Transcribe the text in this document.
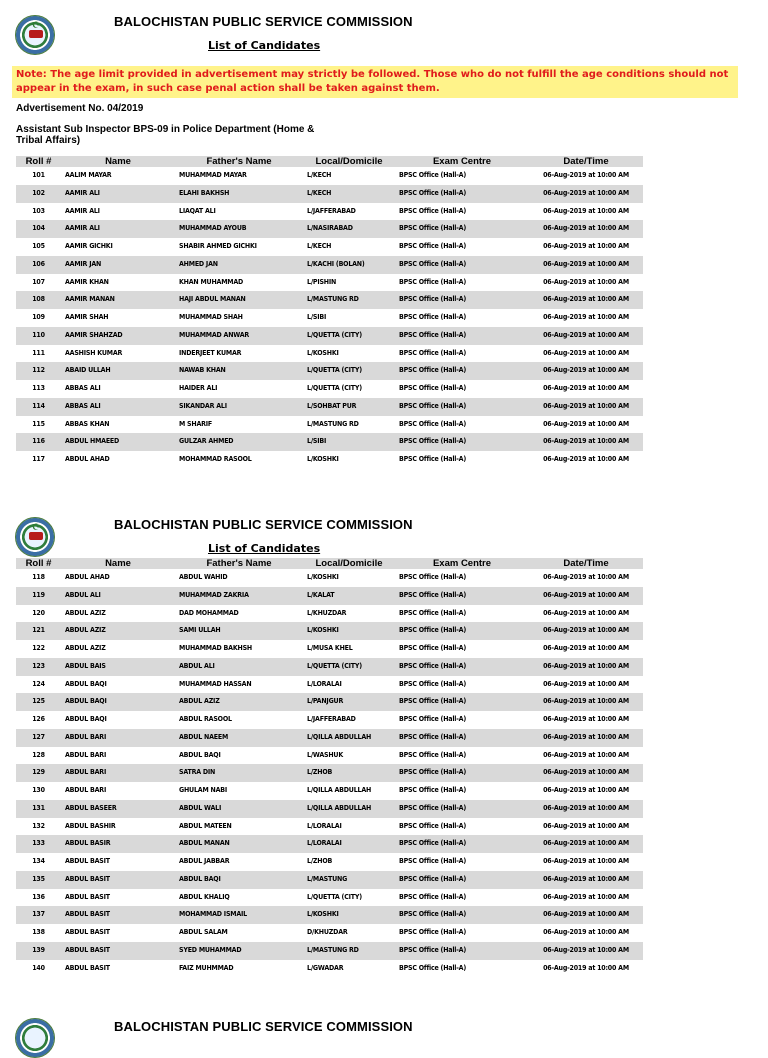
☪	BALOCHISTAN PUBLIC SERVICE COMMISSION
List of Candidates
Note: The age limit provided in advertisement may strictly be followed. Those who do not fulfill the age conditions should not appear in the exam, in such case penal action shall be taken against them.
Advertisement No. 04/2019
Assistant Sub Inspector BPS-09 in Police Department (Home & Tribal Affairs)
Roll #	Name	Father's Name	Local/Domicile	Exam Centre	Date/Time
101	AALIM MAYAR	MUHAMMAD MAYAR	L/KECH	BPSC Office (Hall-A)	06-Aug-2019 at 10:00 AM
102	AAMIR ALI	ELAHI BAKHSH	L/KECH	BPSC Office (Hall-A)	06-Aug-2019 at 10:00 AM
103	AAMIR ALI	LIAQAT ALI	L/JAFFERABAD	BPSC Office (Hall-A)	06-Aug-2019 at 10:00 AM
104	AAMIR ALI	MUHAMMAD AYOUB	L/NASIRABAD	BPSC Office (Hall-A)	06-Aug-2019 at 10:00 AM
105	AAMIR GICHKI	SHABIR AHMED GICHKI	L/KECH	BPSC Office (Hall-A)	06-Aug-2019 at 10:00 AM
106	AAMIR JAN	AHMED JAN	L/KACHI (BOLAN)	BPSC Office (Hall-A)	06-Aug-2019 at 10:00 AM
107	AAMIR KHAN	KHAN MUHAMMAD	L/PISHIN	BPSC Office (Hall-A)	06-Aug-2019 at 10:00 AM
108	AAMIR MANAN	HAJI ABDUL MANAN	L/MASTUNG RD	BPSC Office (Hall-A)	06-Aug-2019 at 10:00 AM
109	AAMIR SHAH	MUHAMMAD SHAH	L/SIBI	BPSC Office (Hall-A)	06-Aug-2019 at 10:00 AM
110	AAMIR SHAHZAD	MUHAMMAD ANWAR	L/QUETTA (CITY)	BPSC Office (Hall-A)	06-Aug-2019 at 10:00 AM
111	AASHISH KUMAR	INDERJEET KUMAR	L/KOSHKI	BPSC Office (Hall-A)	06-Aug-2019 at 10:00 AM
112	ABAID ULLAH	NAWAB KHAN	L/QUETTA (CITY)	BPSC Office (Hall-A)	06-Aug-2019 at 10:00 AM
113	ABBAS ALI	HAIDER ALI	L/QUETTA (CITY)	BPSC Office (Hall-A)	06-Aug-2019 at 10:00 AM
114	ABBAS ALI	SIKANDAR ALI	L/SOHBAT PUR	BPSC Office (Hall-A)	06-Aug-2019 at 10:00 AM
115	ABBAS KHAN	M SHARIF	L/MASTUNG RD	BPSC Office (Hall-A)	06-Aug-2019 at 10:00 AM
116	ABDUL HMAEED	GULZAR AHMED	L/SIBI	BPSC Office (Hall-A)	06-Aug-2019 at 10:00 AM
117	ABDUL AHAD	MOHAMMAD RASOOL	L/KOSHKI	BPSC Office (Hall-A)	06-Aug-2019 at 10:00 AM
☪	BALOCHISTAN PUBLIC SERVICE COMMISSION
List of Candidates
Roll #	Name	Father's Name	Local/Domicile	Exam Centre	Date/Time
118	ABDUL AHAD	ABDUL WAHID	L/KOSHKI	BPSC Office (Hall-A)	06-Aug-2019 at 10:00 AM
119	ABDUL ALI	MUHAMMAD ZAKRIA	L/KALAT	BPSC Office (Hall-A)	06-Aug-2019 at 10:00 AM
120	ABDUL AZIZ	DAD MOHAMMAD	L/KHUZDAR	BPSC Office (Hall-A)	06-Aug-2019 at 10:00 AM
121	ABDUL AZIZ	SAMI ULLAH	L/KOSHKI	BPSC Office (Hall-A)	06-Aug-2019 at 10:00 AM
122	ABDUL AZIZ	MUHAMMAD BAKHSH	L/MUSA KHEL	BPSC Office (Hall-A)	06-Aug-2019 at 10:00 AM
123	ABDUL BAIS	ABDUL ALI	L/QUETTA (CITY)	BPSC Office (Hall-A)	06-Aug-2019 at 10:00 AM
124	ABDUL BAQI	MUHAMMAD HASSAN	L/LORALAI	BPSC Office (Hall-A)	06-Aug-2019 at 10:00 AM
125	ABDUL BAQI	ABDUL AZIZ	L/PANJGUR	BPSC Office (Hall-A)	06-Aug-2019 at 10:00 AM
126	ABDUL BAQI	ABDUL RASOOL	L/JAFFERABAD	BPSC Office (Hall-A)	06-Aug-2019 at 10:00 AM
127	ABDUL BARI	ABDUL NAEEM	L/QILLA ABDULLAH	BPSC Office (Hall-A)	06-Aug-2019 at 10:00 AM
128	ABDUL BARI	ABDUL BAQI	L/WASHUK	BPSC Office (Hall-A)	06-Aug-2019 at 10:00 AM
129	ABDUL BARI	SATRA DIN	L/ZHOB	BPSC Office (Hall-A)	06-Aug-2019 at 10:00 AM
130	ABDUL BARI	GHULAM NABI	L/QILLA ABDULLAH	BPSC Office (Hall-A)	06-Aug-2019 at 10:00 AM
131	ABDUL BASEER	ABDUL WALI	L/QILLA ABDULLAH	BPSC Office (Hall-A)	06-Aug-2019 at 10:00 AM
132	ABDUL BASHIR	ABDUL MATEEN	L/LORALAI	BPSC Office (Hall-A)	06-Aug-2019 at 10:00 AM
133	ABDUL BASIR	ABDUL MANAN	L/LORALAI	BPSC Office (Hall-A)	06-Aug-2019 at 10:00 AM
134	ABDUL BASIT	ABDUL JABBAR	L/ZHOB	BPSC Office (Hall-A)	06-Aug-2019 at 10:00 AM
135	ABDUL BASIT	ABDUL BAQI	L/MASTUNG	BPSC Office (Hall-A)	06-Aug-2019 at 10:00 AM
136	ABDUL BASIT	ABDUL KHALIQ	L/QUETTA (CITY)	BPSC Office (Hall-A)	06-Aug-2019 at 10:00 AM
137	ABDUL BASIT	MOHAMMAD ISMAIL	L/KOSHKI	BPSC Office (Hall-A)	06-Aug-2019 at 10:00 AM
138	ABDUL BASIT	ABDUL SALAM	D/KHUZDAR	BPSC Office (Hall-A)	06-Aug-2019 at 10:00 AM
139	ABDUL BASIT	SYED MUHAMMAD	L/MASTUNG RD	BPSC Office (Hall-A)	06-Aug-2019 at 10:00 AM
140	ABDUL BASIT	FAIZ MUHMMAD	L/GWADAR	BPSC Office (Hall-A)	06-Aug-2019 at 10:00 AM
BALOCHISTAN PUBLIC SERVICE COMMISSION
